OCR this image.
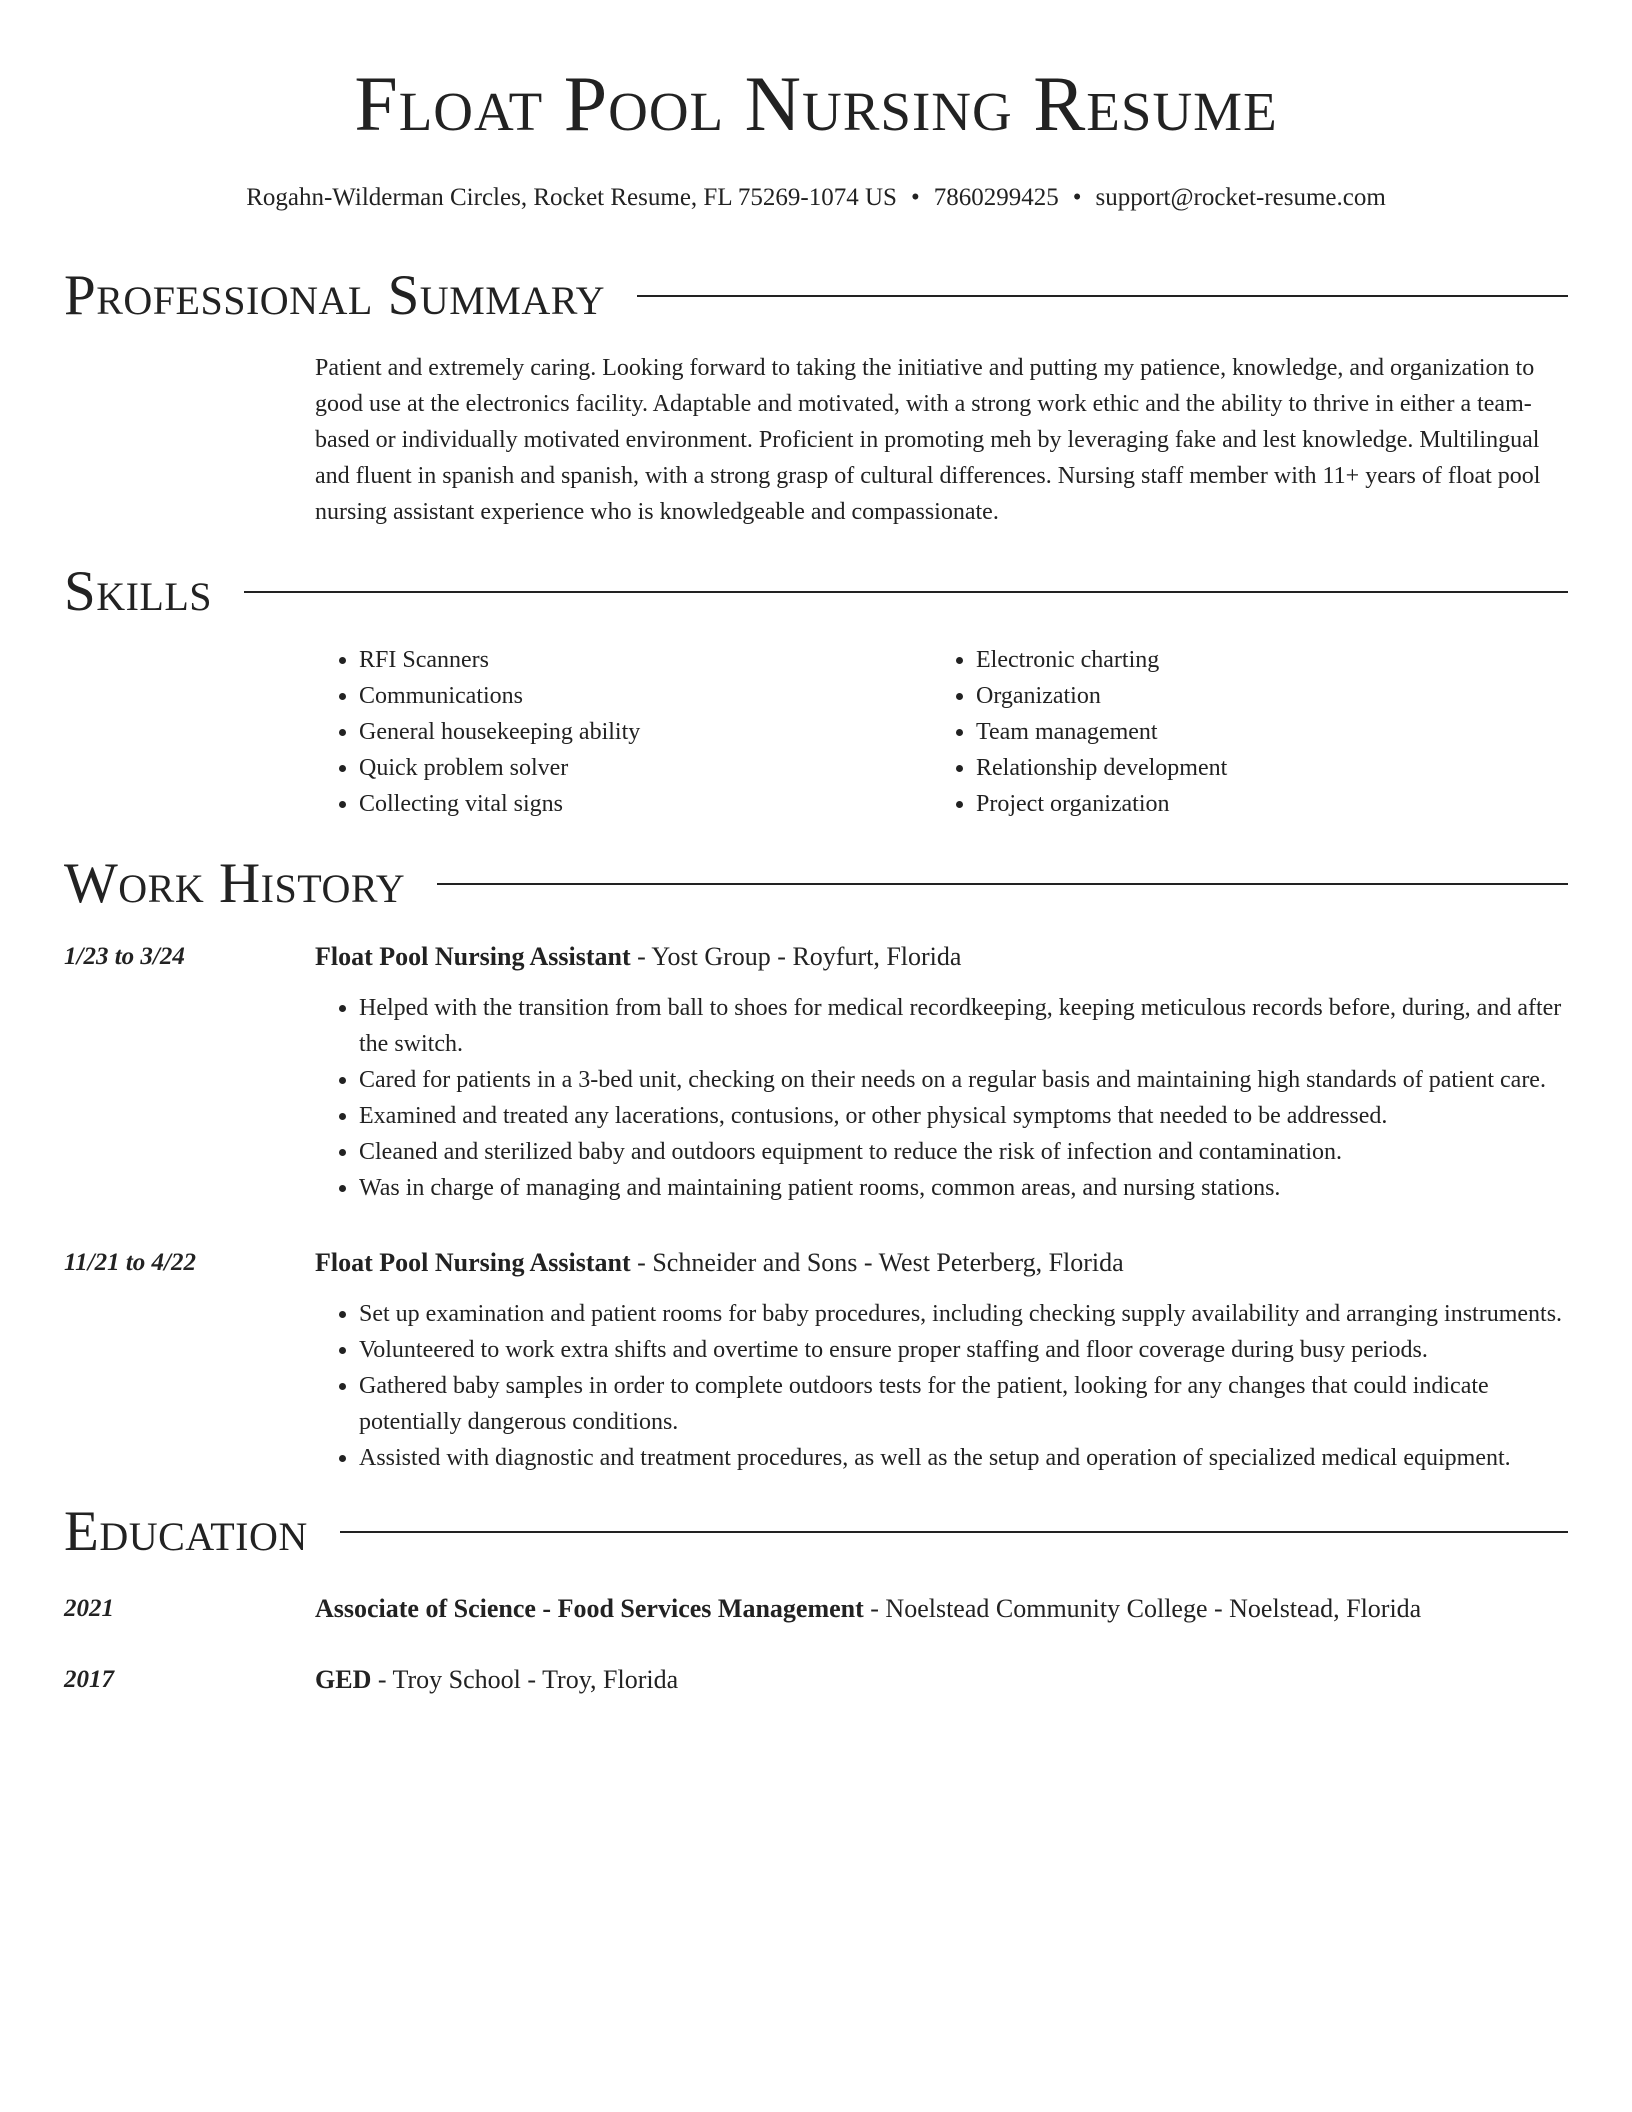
Float Pool Nursing Resume
Rogahn-Wilderman Circles, Rocket Resume, FL 75269-1074 US • 7860299425 • support@rocket-resume.com
Professional Summary
Patient and extremely caring. Looking forward to taking the initiative and putting my patience, knowledge, and organization to good use at the electronics facility. Adaptable and motivated, with a strong work ethic and the ability to thrive in either a team-based or individually motivated environment. Proficient in promoting meh by leveraging fake and lest knowledge. Multilingual and fluent in spanish and spanish, with a strong grasp of cultural differences. Nursing staff member with 11+ years of float pool nursing assistant experience who is knowledgeable and compassionate.
Skills
• RFI Scanners
• Communications
• General housekeeping ability
• Quick problem solver
• Collecting vital signs
• Electronic charting
• Organization
• Team management
• Relationship development
• Project organization
Work History
1/23 to 3/24	Float Pool Nursing Assistant - Yost Group - Royfurt, Florida
• Helped with the transition from ball to shoes for medical recordkeeping, keeping meticulous records before, during, and after the switch.
• Cared for patients in a 3-bed unit, checking on their needs on a regular basis and maintaining high standards of patient care.
• Examined and treated any lacerations, contusions, or other physical symptoms that needed to be addressed.
• Cleaned and sterilized baby and outdoors equipment to reduce the risk of infection and contamination.
• Was in charge of managing and maintaining patient rooms, common areas, and nursing stations.
11/21 to 4/22	Float Pool Nursing Assistant - Schneider and Sons - West Peterberg, Florida
• Set up examination and patient rooms for baby procedures, including checking supply availability and arranging instruments.
• Volunteered to work extra shifts and overtime to ensure proper staffing and floor coverage during busy periods.
• Gathered baby samples in order to complete outdoors tests for the patient, looking for any changes that could indicate potentially dangerous conditions.
• Assisted with diagnostic and treatment procedures, as well as the setup and operation of specialized medical equipment.
Education
2021	Associate of Science - Food Services Management - Noelstead Community College - Noelstead, Florida
2017	GED - Troy School - Troy, Florida
